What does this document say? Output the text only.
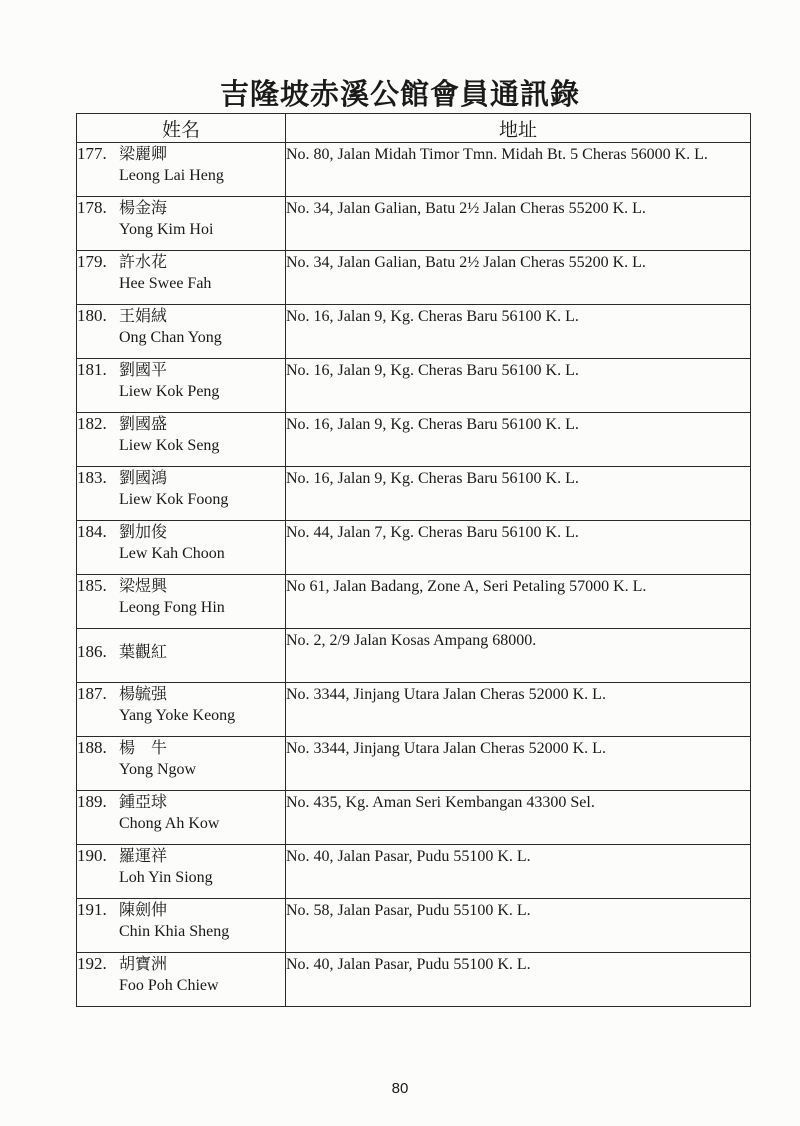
吉隆坡赤溪公館會員通訊錄
姓名	地址

177. 梁麗卿
Leong Lai Heng	No. 80, Jalan Midah Timor Tmn. Midah Bt. 5 Cheras 56000 K. L.

178. 楊金海
Yong Kim Hoi	No. 34, Jalan Galian, Batu 2½ Jalan Cheras 55200 K. L.

179. 許水花
Hee Swee Fah	No. 34, Jalan Galian, Batu 2½ Jalan Cheras 55200 K. L.

180. 王娟絨
Ong Chan Yong	No. 16, Jalan 9, Kg. Cheras Baru 56100 K. L.

181. 劉國平
Liew Kok Peng	No. 16, Jalan 9, Kg. Cheras Baru 56100 K. L.

182. 劉國盛
Liew Kok Seng	No. 16, Jalan 9, Kg. Cheras Baru 56100 K. L.

183. 劉國鴻
Liew Kok Foong	No. 16, Jalan 9, Kg. Cheras Baru 56100 K. L.

184. 劉加俊
Lew Kah Choon	No. 44, Jalan 7, Kg. Cheras Baru 56100 K. L.

185. 梁煜興
Leong Fong Hin	No 61, Jalan Badang, Zone A, Seri Petaling 57000 K. L.

186. 葉觀紅	No. 2, 2/9 Jalan Kosas Ampang 68000.

187. 楊毓强
Yang Yoke Keong	No. 3344, Jinjang Utara Jalan Cheras 52000 K. L.

188. 楊　牛
Yong Ngow	No. 3344, Jinjang Utara Jalan Cheras 52000 K. L.

189. 鍾亞球
Chong Ah Kow	No. 435, Kg. Aman Seri Kembangan 43300 Sel.

190. 羅運祥
Loh Yin Siong	No. 40, Jalan Pasar, Pudu 55100 K. L.

191. 陳劍伸
Chin Khia Sheng	No. 58, Jalan Pasar, Pudu 55100 K. L.

192. 胡寶洲
Foo Poh Chiew	No. 40, Jalan Pasar, Pudu 55100 K. L.
80
